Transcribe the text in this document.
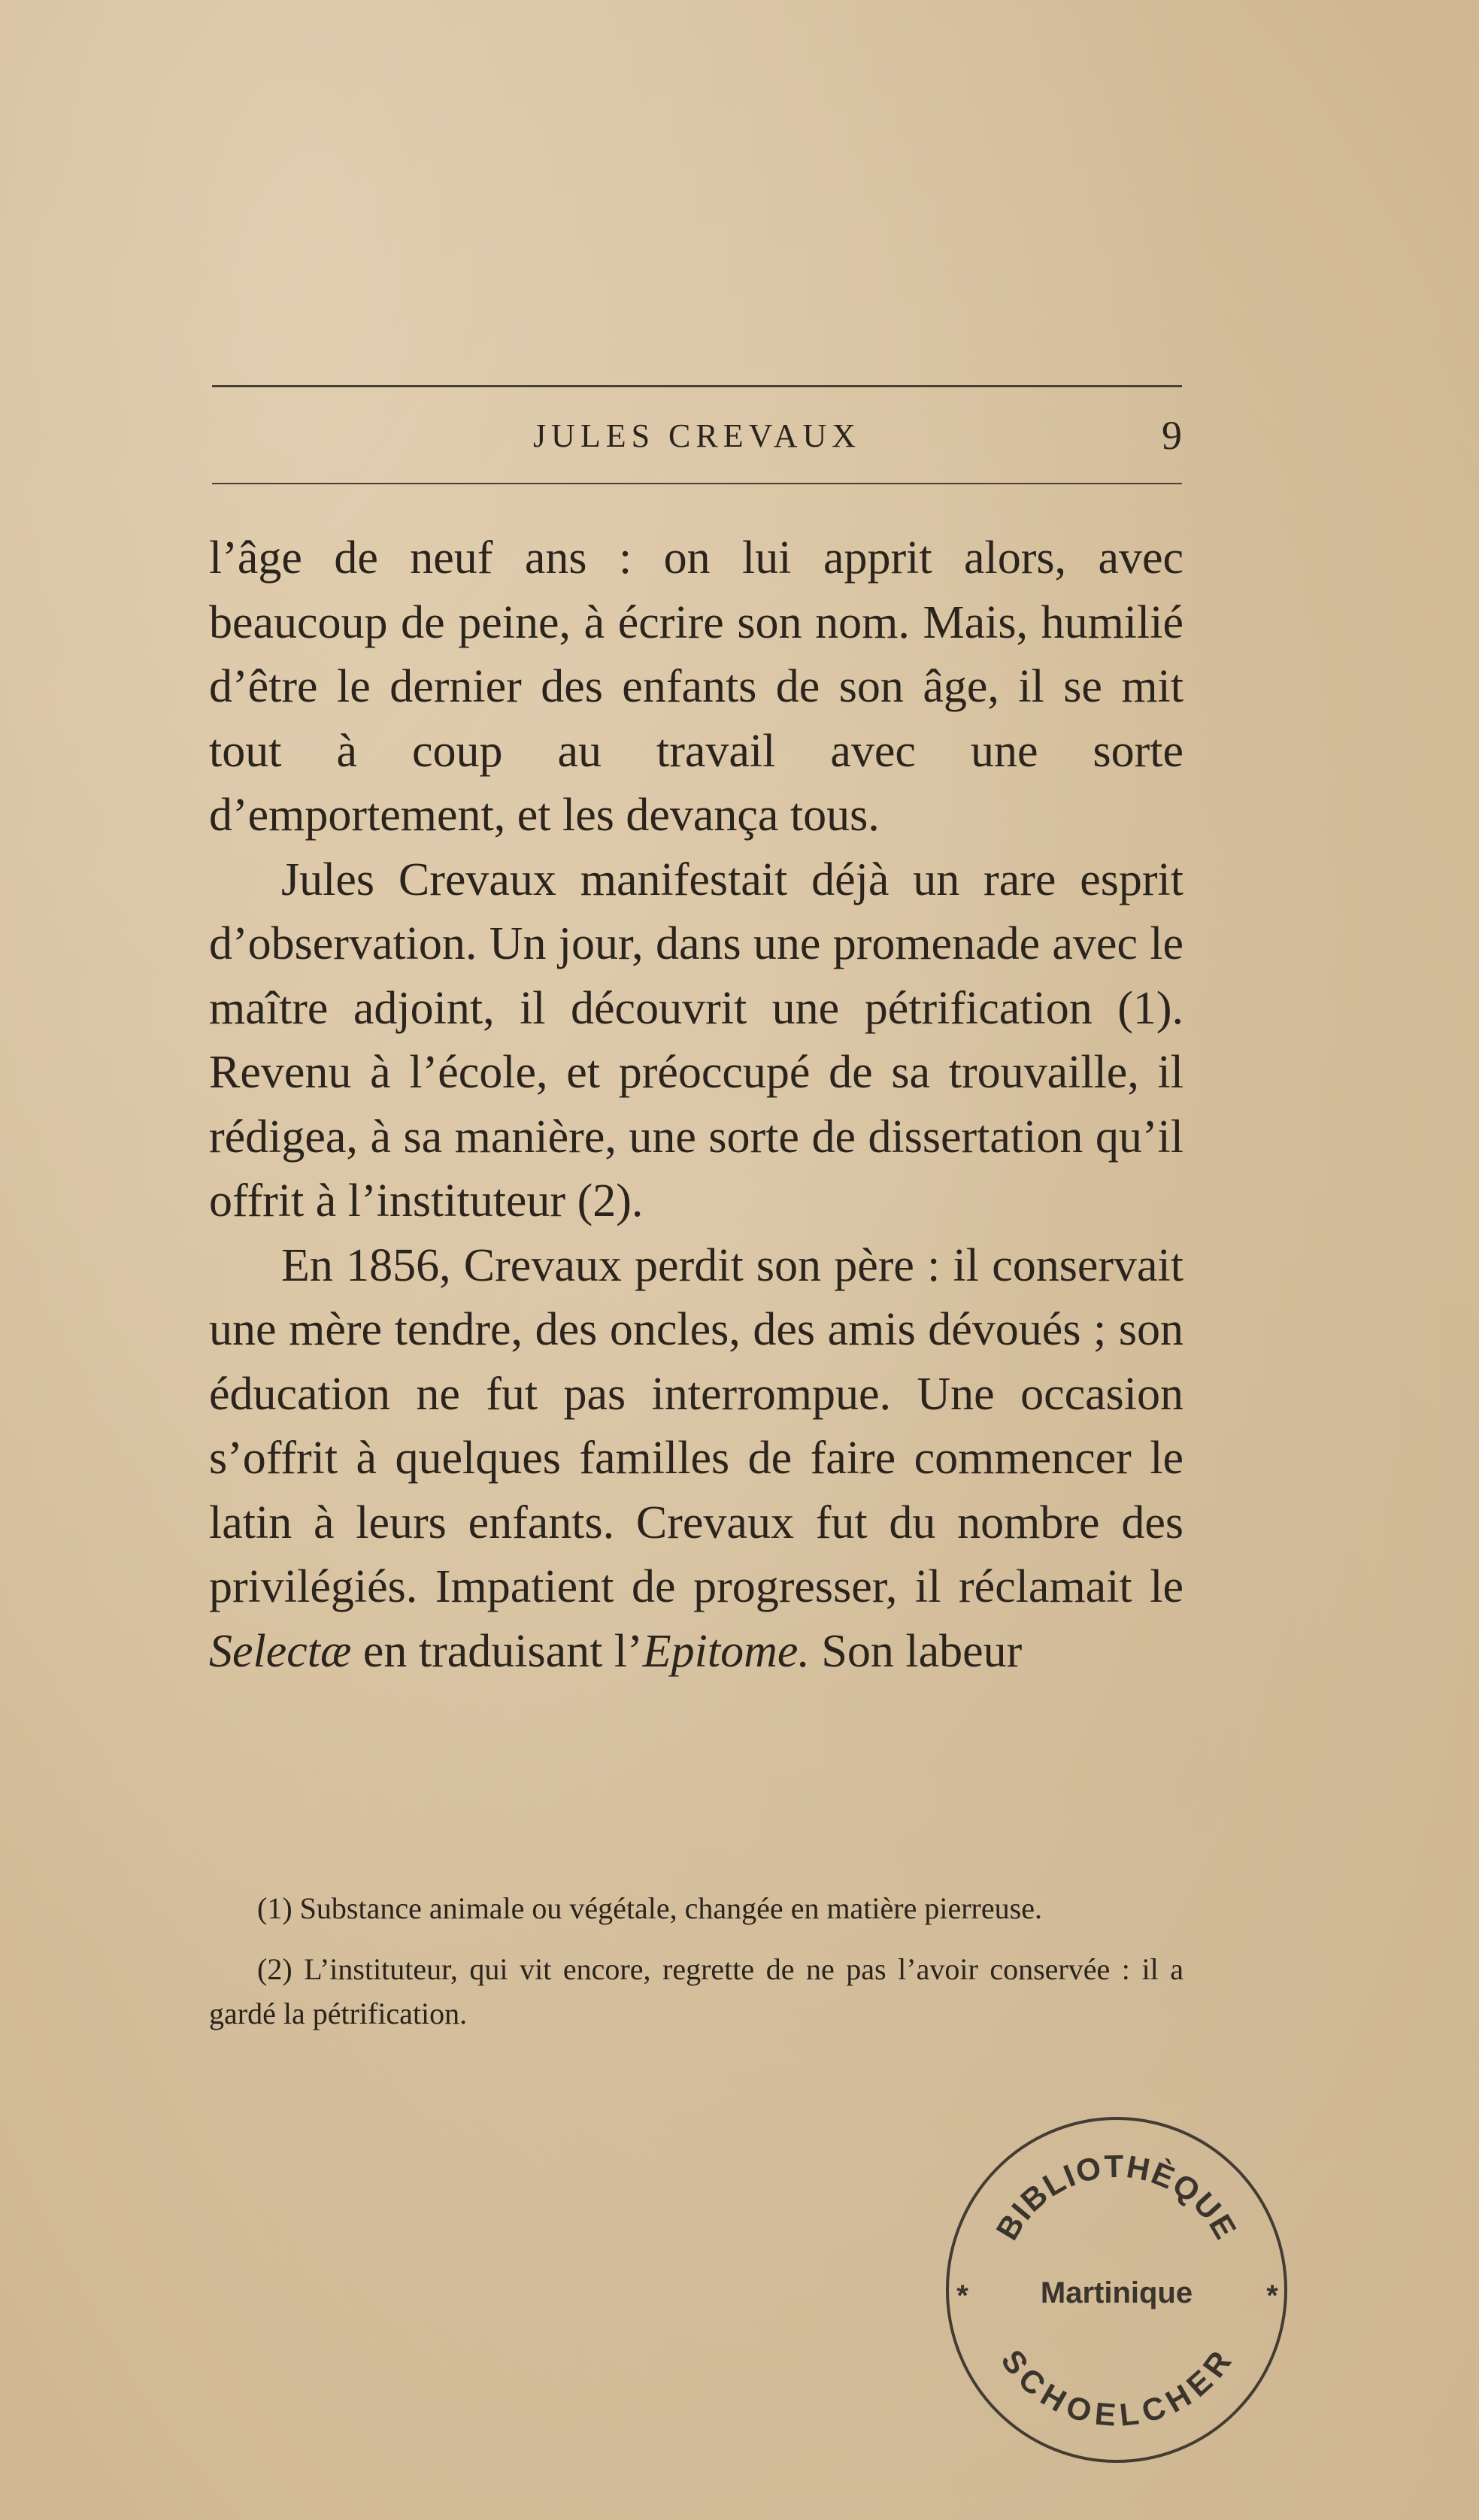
JULES CREVAUX	9

l’âge de neuf ans : on lui apprit alors, avec beaucoup de peine, à écrire son nom. Mais, humilié d’être le dernier des enfants de son âge, il se mit tout à coup au travail avec une sorte d’emportement, et les devança tous.

Jules Crevaux manifestait déjà un rare esprit d’observation. Un jour, dans une promenade avec le maître adjoint, il découvrit une pétrification (1). Revenu à l’école, et préoccupé de sa trouvaille, il rédigea, à sa manière, une sorte de dissertation qu’il offrit à l’instituteur (2).

En 1856, Crevaux perdit son père : il conservait une mère tendre, des oncles, des amis dévoués ; son éducation ne fut pas interrompue. Une occasion s’offrit à quelques familles de faire commencer le latin à leurs enfants. Crevaux fut du nombre des privilégiés. Impatient de progresser, il réclamait le Selectæ en traduisant l’Epitome. Son labeur

(1) Substance animale ou végétale, changée en matière pierreuse.

(2) L’instituteur, qui vit encore, regrette de ne pas l’avoir conservée : il a gardé la pétrification.

BIBLIOTHÈQUE
Martinique
*	*
SCHOELCHER
